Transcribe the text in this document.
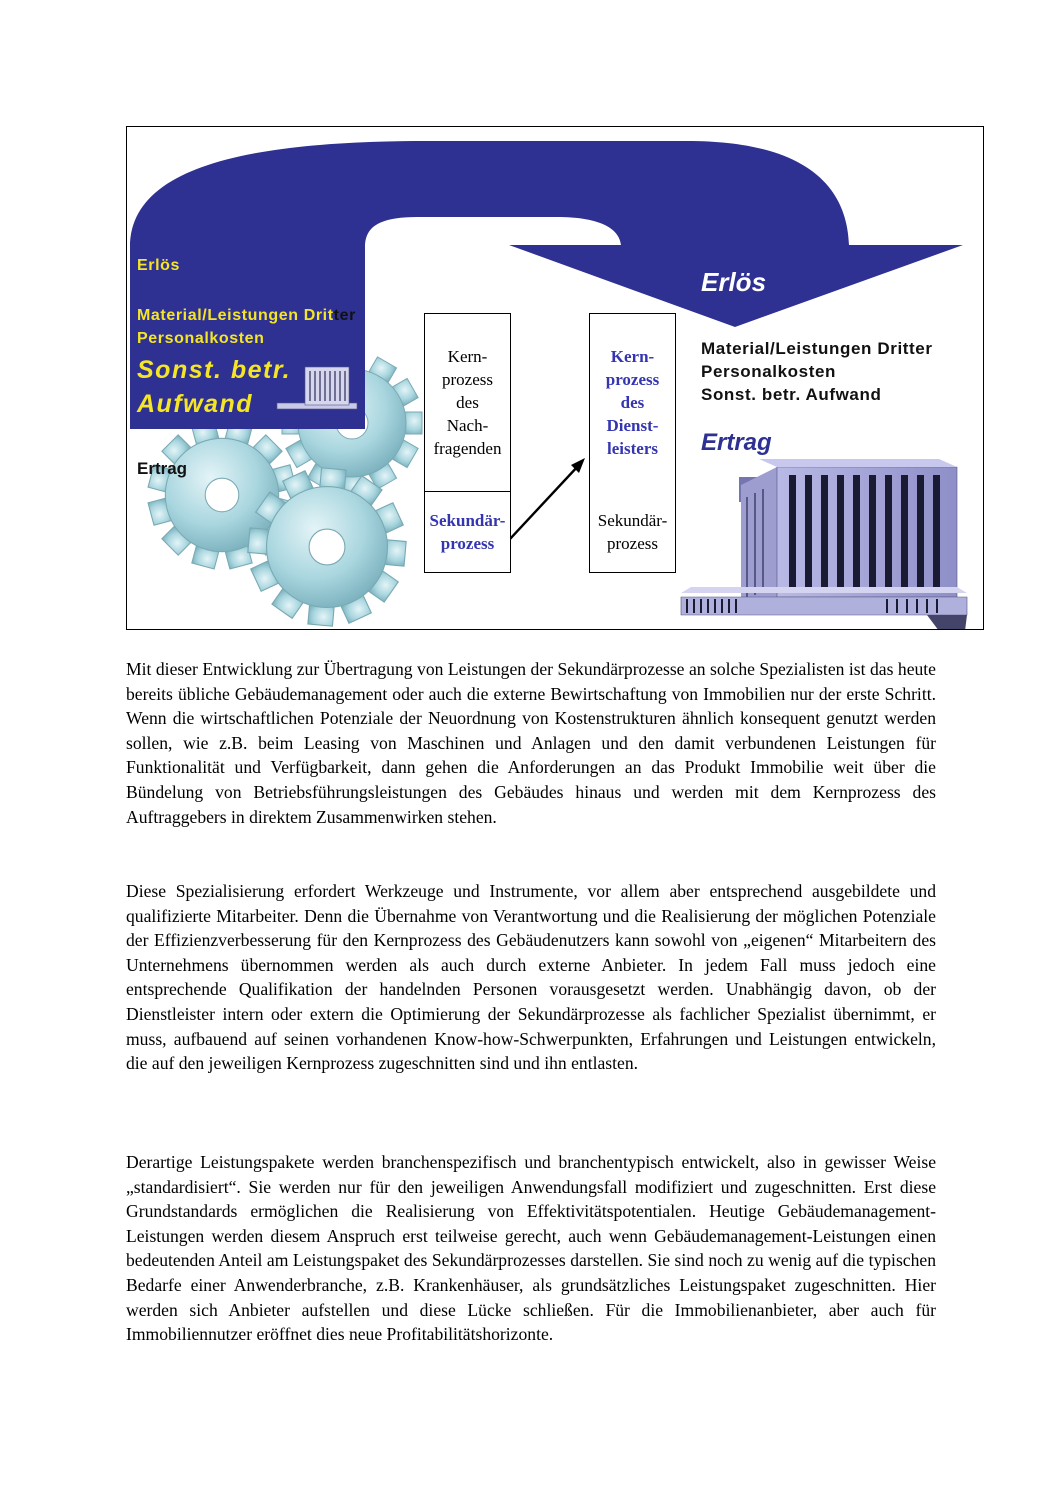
Erlös
Material/Leistungen Dritter
Personalkosten
Sonst. betr.
Aufwand
Ertrag
Erlös
Material/Leistungen Dritter
Personalkosten
Sonst. betr. Aufwand
Ertrag
Kern-
prozess
des
Nach-
fragenden
Sekundär-
prozess
Kern-
prozess
des
Dienst-
leisters
Sekundär-
prozess

Mit dieser Entwicklung zur Übertragung von Leistungen der Sekundärprozesse an solche Spezialisten ist das heute bereits übliche Gebäudemanagement oder auch die externe Bewirtschaftung von Immobilien nur der erste Schritt. Wenn die wirtschaftlichen Potenziale der Neuordnung von Kostenstrukturen ähnlich konsequent genutzt werden sollen, wie z.B. beim Leasing von Maschinen und Anlagen und den damit verbundenen Leistungen für Funktionalität und Verfügbarkeit, dann gehen die Anforderungen an das Produkt Immobilie weit über die Bündelung von Betriebsführungsleistungen des Gebäudes hinaus und werden mit dem Kernprozess des Auftraggebers in direktem Zusammenwirken stehen.

Diese Spezialisierung erfordert Werkzeuge und Instrumente, vor allem aber entsprechend ausgebildete und qualifizierte Mitarbeiter. Denn die Übernahme von Verantwortung und die Realisierung der möglichen Potenziale der Effizienzverbesserung für den Kernprozess des Gebäudenutzers kann sowohl von „eigenen“ Mitarbeitern des Unternehmens übernommen werden als auch durch externe Anbieter. In jedem Fall muss jedoch eine entsprechende Qualifikation der handelnden Personen vorausgesetzt werden. Unabhängig davon, ob der Dienstleister intern oder extern die Optimierung der Sekundärprozesse als fachlicher Spezialist übernimmt, er muss, aufbauend auf seinen vorhandenen Know-how-Schwerpunkten, Erfahrungen und Leistungen entwickeln, die auf den jeweiligen Kernprozess zugeschnitten sind und ihn entlasten.

Derartige Leistungspakete werden branchenspezifisch und branchentypisch entwickelt, also in gewisser Weise „standardisiert“. Sie werden nur für den jeweiligen Anwendungsfall modifiziert und zugeschnitten. Erst diese Grundstandards ermöglichen die Realisierung von Effektivitätspotentialen. Heutige Gebäudemanagement-Leistungen werden diesem Anspruch erst teilweise gerecht, auch wenn Gebäudemanagement-Leistungen einen bedeutenden Anteil am Leistungspaket des Sekundärprozesses darstellen. Sie sind noch zu wenig auf die typischen Bedarfe einer Anwenderbranche, z.B. Krankenhäuser, als grundsätzliches Leistungspaket zugeschnitten. Hier werden sich Anbieter aufstellen und diese Lücke schließen. Für die Immobilienanbieter, aber auch für Immobiliennutzer eröffnet dies neue Profitabilitätshorizonte.
